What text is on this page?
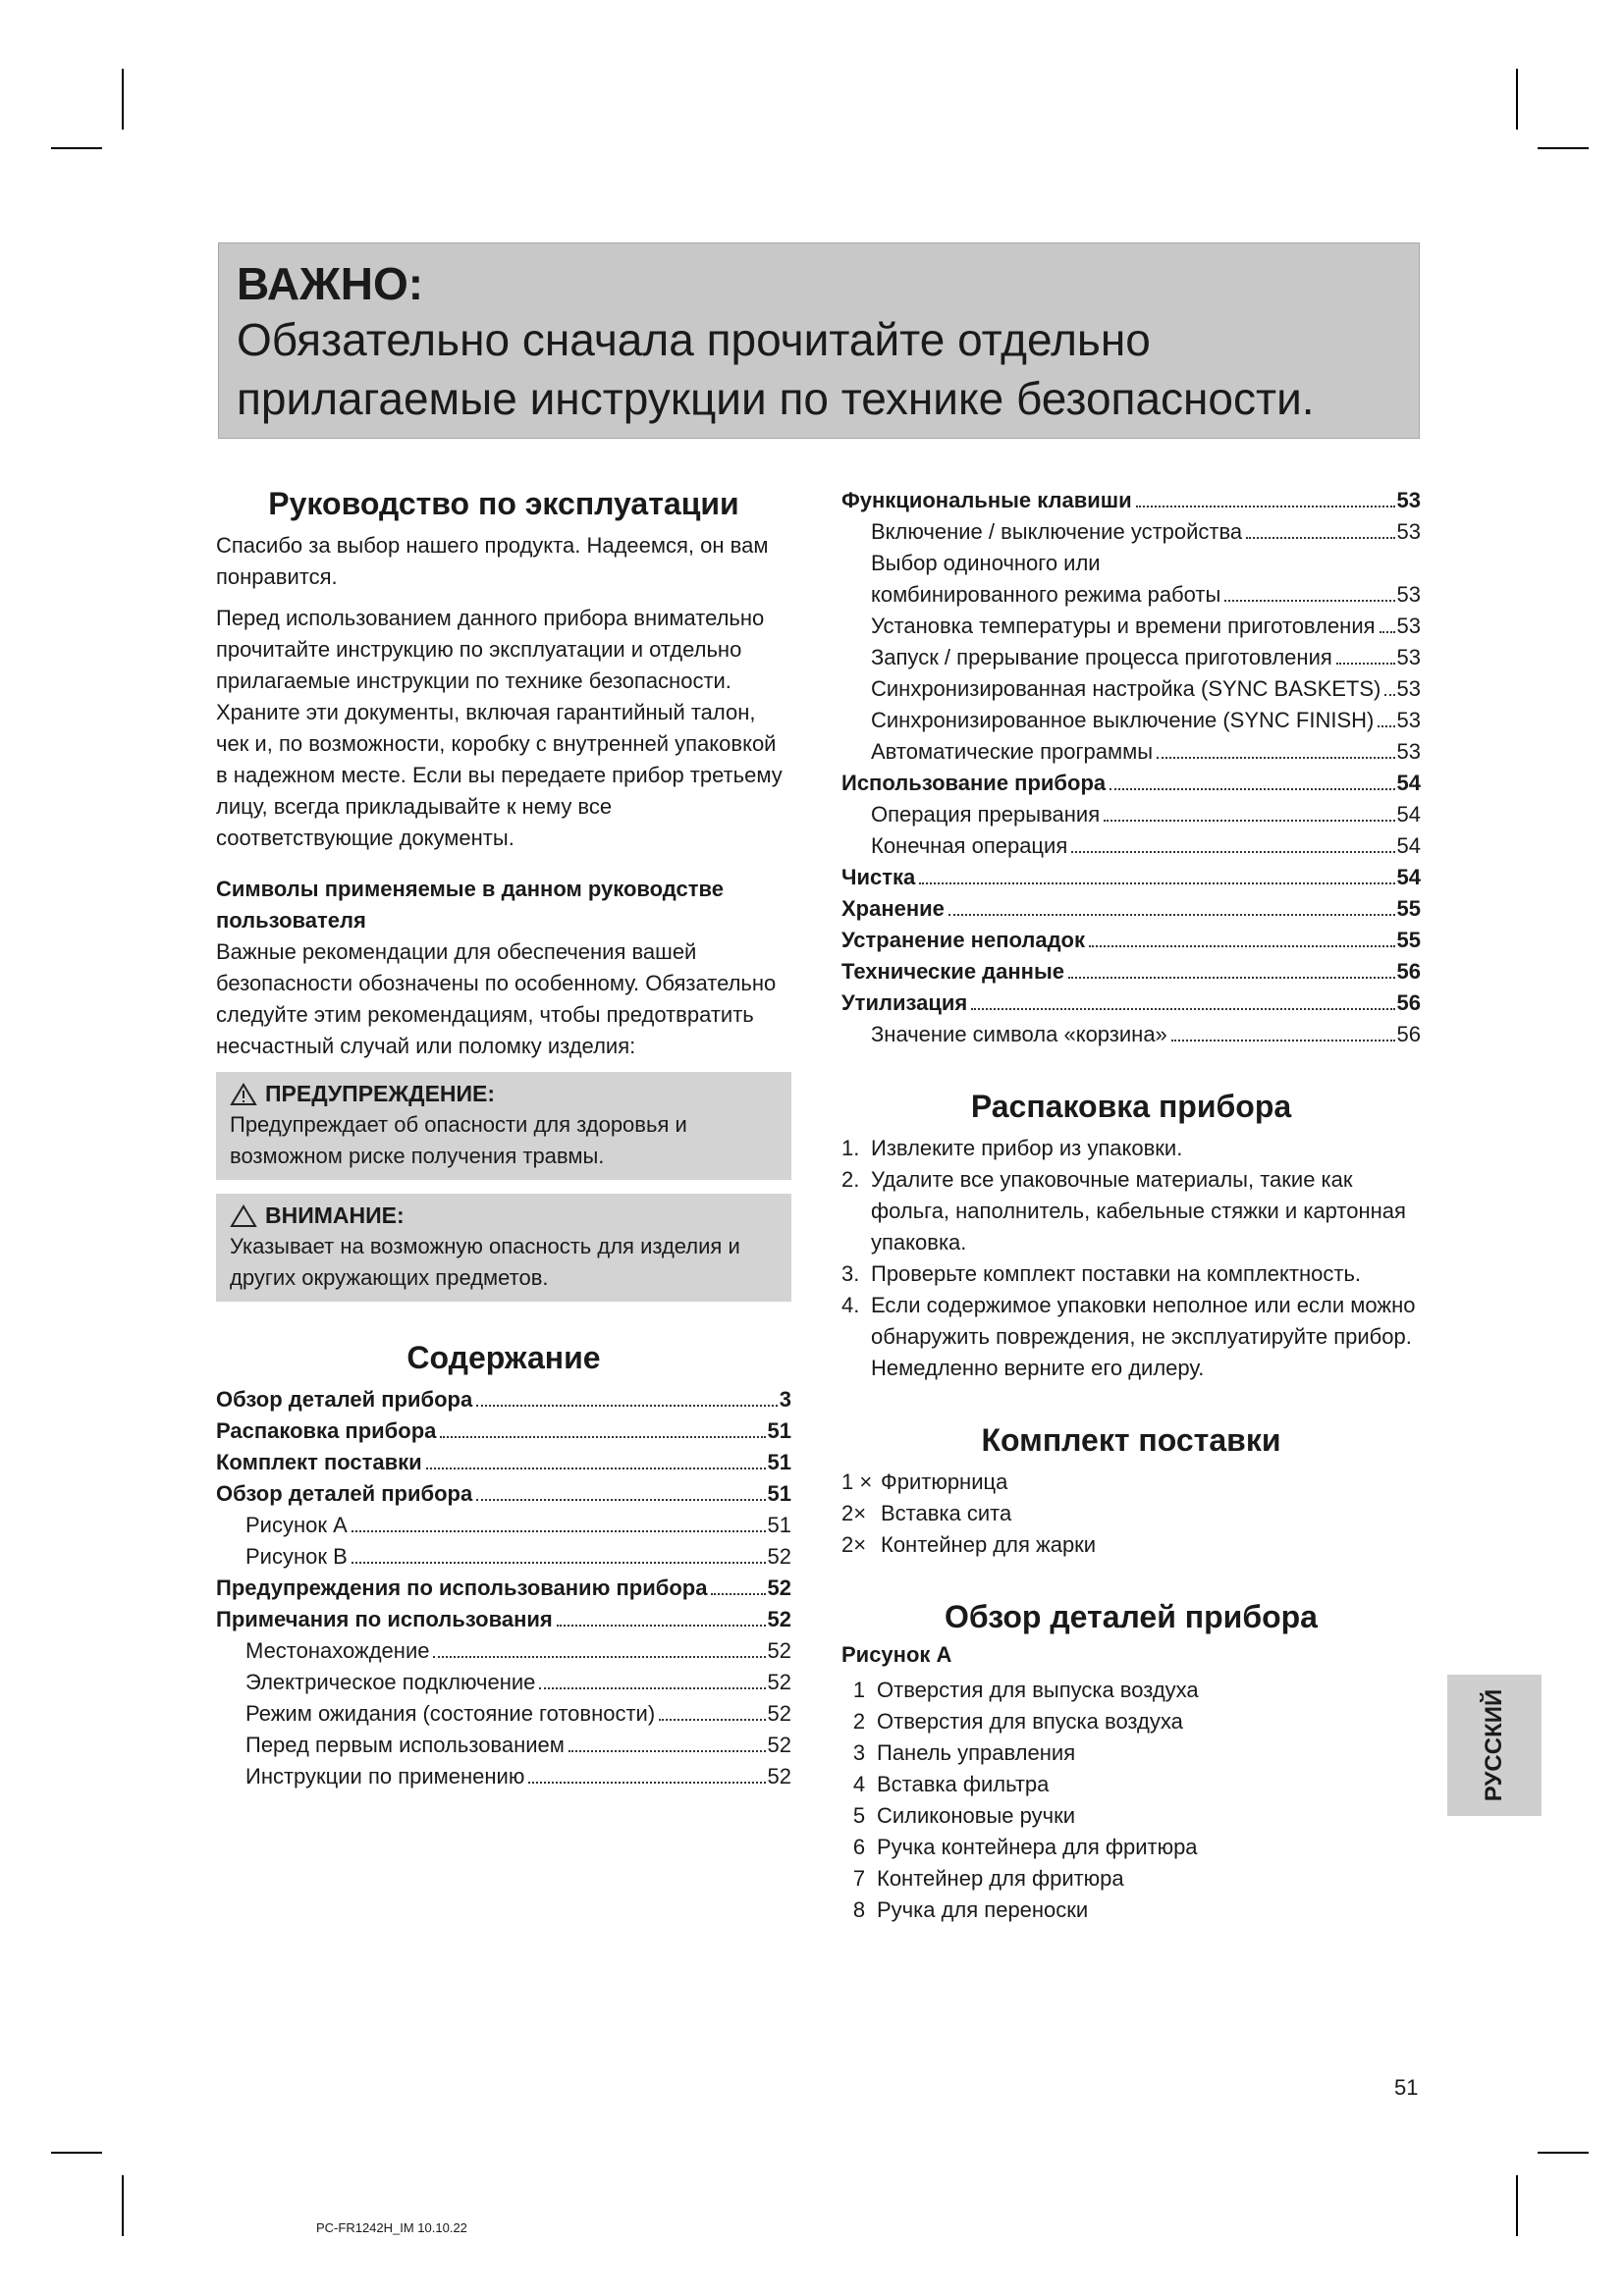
ВАЖНО:
Обязательно сначала прочитайте отдельно прилагаемые инструкции по технике безопасности.
Руководство по эксплуатации

Спасибо за выбор нашего продукта. Надеемся, он вам понравится.

Перед использованием данного прибора внимательно прочитайте инструкцию по эксплуатации и отдельно прилагаемые инструкции по технике безопасности. Храните эти документы, включая гарантийный талон, чек и, по возможности, коробку с внутренней упаковкой в надежном месте. Если вы передаете прибор третьему лицу, всегда прикладывайте к нему все соответствующие документы.

Символы применяемые в данном руководстве пользователя

Важные рекомендации для обеспечения вашей безопасности обозначены по особенному. Обязательно следуйте этим рекомендациям, чтобы предотвратить несчастный случай или поломку изделия:

ПРЕДУПРЕЖДЕНИЕ:

Предупреждает об опасности для здоровья и возможном риске получения травмы.

ВНИМАНИЕ:

Указывает на возможную опасность для изделия и других окружающих предметов.

Содержание
Обзор деталей прибора	3
Распаковка прибора	51
Комплект поставки	51
Обзор деталей прибора	51
Рисунок А	51
Рисунок В	52
Предупреждения по использованию прибора	52
Примечания по использования	52
Местонахождение	52
Электрическое подключение	52
Режим ожидания (состояние готовности)	52
Перед первым использованием	52
Инструкции по применению	52
Функциональные клавиши	53
Включение / выключение устройства	53
Выбор одиночного или
комбинированного режима работы	53
Установка температуры и времени приготовления 53
Запуск / прерывание процесса приготовления	53
Синхронизированная настройка (SYNC BASKETS) 53
Синхронизированное выключение (SYNC FINISH) 53
Автоматические программы	53
Использование прибора	54
Операция прерывания	54
Конечная операция	54
Чистка	54
Хранение	55
Устранение неполадок	55
Технические данные	56
Утилизация	56
Значение символа «корзина»	56
Распаковка прибора
1. Извлеките прибор из упаковки.
2. Удалите все упаковочные материалы, такие как фольга, наполнитель, кабельные стяжки и картонная упаковка.
3. Проверьте комплект поставки на комплектность.
4. Если содержимое упаковки неполное или если можно обнаружить повреждения, не эксплуатируйте прибор. Немедленно верните его дилеру.
Комплект поставки
1 × Фритюрница
2× Вставка сита
2× Контейнер для жарки
Обзор деталей прибора

Рисунок А

1 Отверстия для выпуска воздуха
2 Отверстия для впуска воздуха
3 Панель управления
4 Вставка фильтра
5 Силиконовые ручки
6 Ручка контейнера для фритюра
7 Контейнер для фритюра
8 Ручка для переноски
РУССКИЙ
51
PC-FR1242H_IM 10.10.22
